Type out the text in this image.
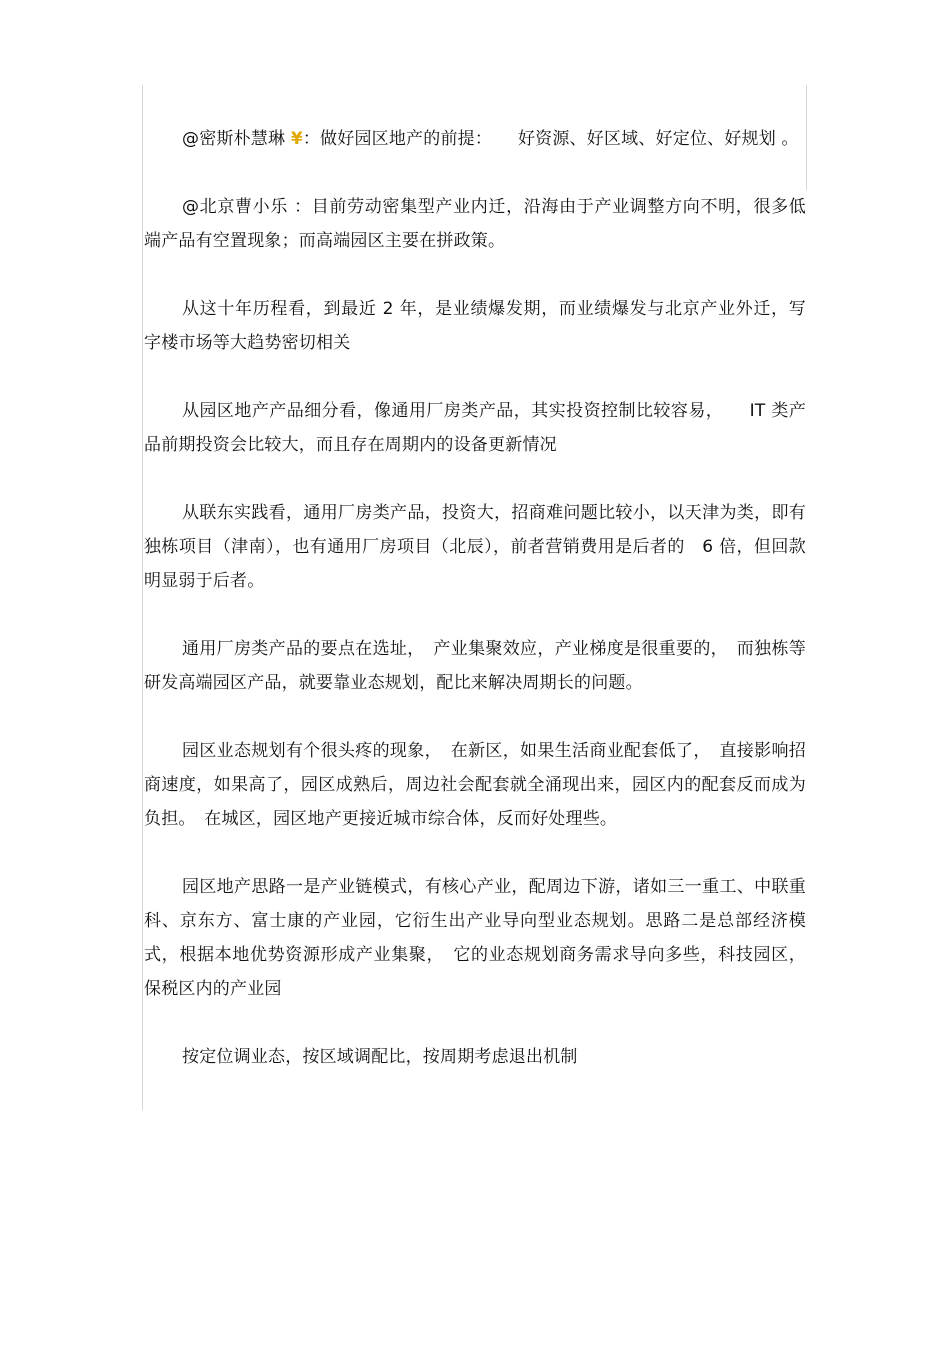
@密斯朴慧琳 ¥：做好园区地产的前提：　　好资源、好区域、好定位、好规划 。

@北京曹小乐 ：目前劳动密集型产业内迁，沿海由于产业调整方向不明，很多低端产品有空置现象；而高端园区主要在拼政策。

从这十年历程看，到最近 2 年，是业绩爆发期，而业绩爆发与北京产业外迁，写字楼市场等大趋势密切相关

从园区地产产品细分看，像通用厂房类产品，其实投资控制比较容易，　　IT 类产品前期投资会比较大，而且存在周期内的设备更新情况

从联东实践看，通用厂房类产品，投资大，招商难问题比较小，以天津为类，即有独栋项目（津南），也有通用厂房项目（北辰），前者营销费用是后者的　6 倍，但回款明显弱于后者。

通用厂房类产品的要点在选址，　产业集聚效应，产业梯度是很重要的，　而独栋等研发高端园区产品，就要靠业态规划，配比来解决周期长的问题。

园区业态规划有个很头疼的现象，　在新区，如果生活商业配套低了，　直接影响招商速度，如果高了，园区成熟后，周边社会配套就全涌现出来，园区内的配套反而成为负担。　在城区，园区地产更接近城市综合体，反而好处理些。

园区地产思路一是产业链模式，有核心产业，配周边下游，诸如三一重工、中联重科、京东方、富士康的产业园，它衍生出产业导向型业态规划。思路二是总部经济模式，根据本地优势资源形成产业集聚，　它的业态规划商务需求导向多些，科技园区，保税区内的产业园

按定位调业态，按区域调配比，按周期考虑退出机制
